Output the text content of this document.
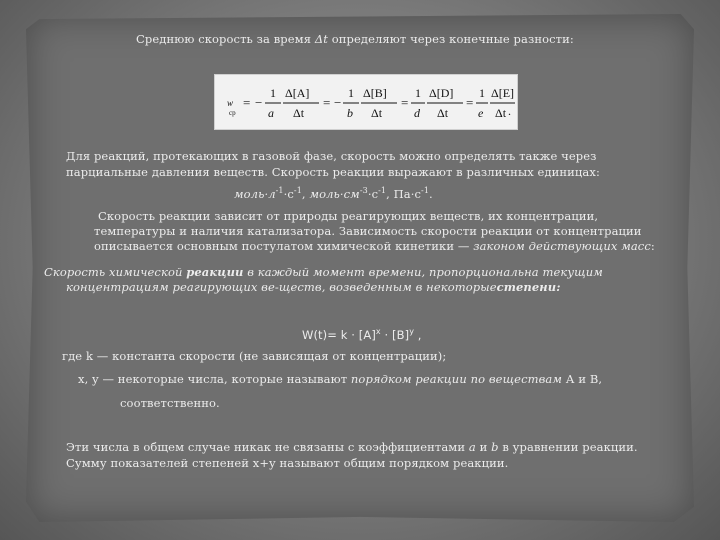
Среднюю скорость за время Δt определяют через конечные разности:
w
cp
= −
1
a
Δ[A]
Δt
= −
1
b
Δ[B]
Δt
=
1
d
Δ[D]
Δt
=
1
e
Δ[E]
Δt .
Для реакций, протекающих в газовой фазе, скорость можно определять также через
парциальные давления веществ. Скорость реакции выражают в различных единицах:
$моль\cdot л^{-1}\cdot с^{-1}$, $моль\cdot см^{-3}\cdot с^{-1}$, $Па\cdot с^{-1}$.
Скорость реакции зависит от природы реагирующих веществ, их концентрации,
температуры и наличия катализатора. Зависимость скорости реакции от концентрации
описывается основным постулатом химической кинетики — законом действующих масс:
Скорость химической реакции в каждый момент времени, пропорциональна текущим
концентрациям реагирующих ве-ществ, возведенным в некоторыестепени:
$W(t)= k \cdot [A]^x \cdot [B]^y$ ,
где k — константа скорости (не зависящая от концентрации);
x, y — некоторые числа, которые называют порядком реакции по веществам А и В,
соответственно.
Эти числа в общем случае никак не связаны с коэффициентами a и b в уравнении реакции.
Сумму показателей степеней x+y называют общим порядком реакции.
